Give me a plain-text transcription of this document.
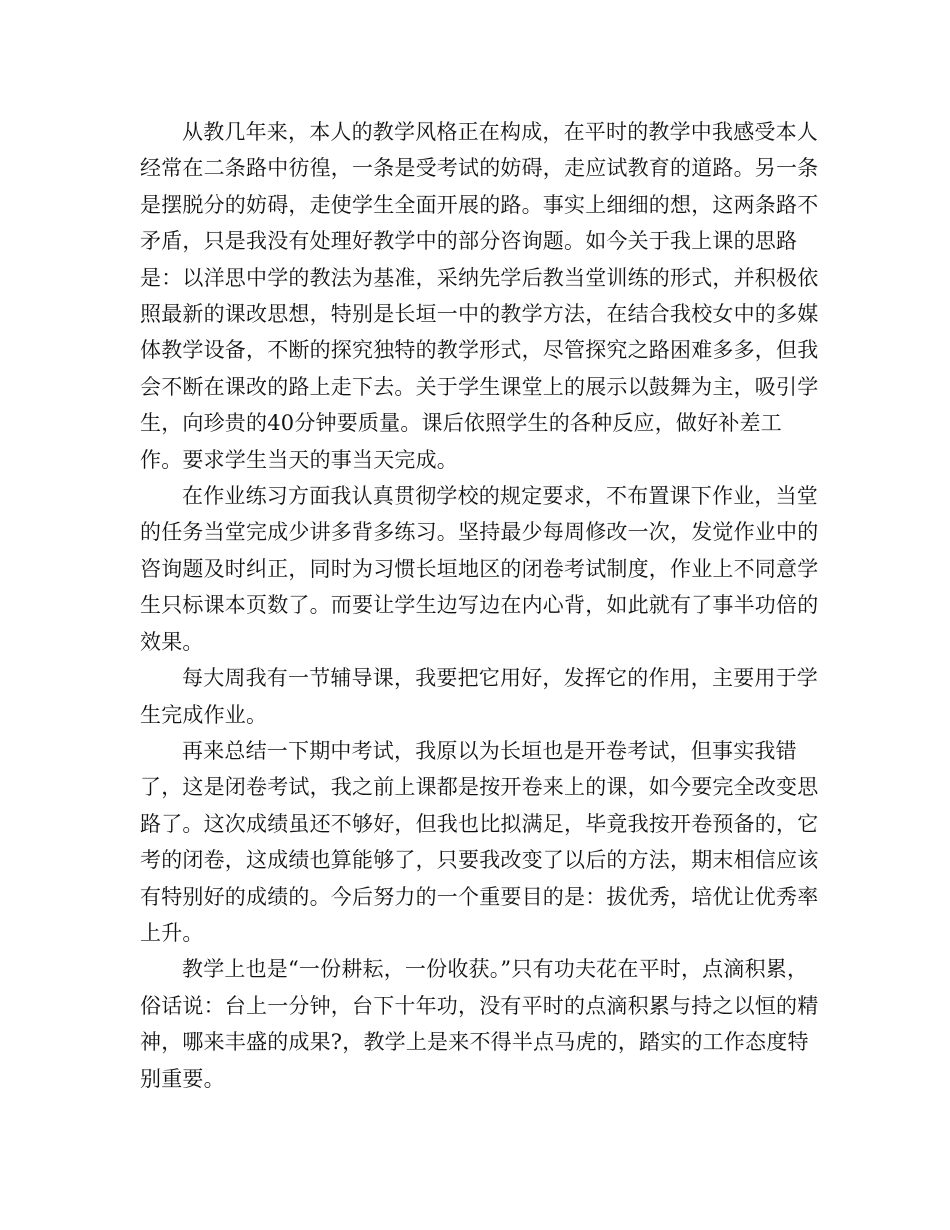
从教几年来，本人的教学风格正在构成，在平时的教学中我感受本人经常在二条路中彷徨，一条是受考试的妨碍，走应试教育的道路。另一条是摆脱分的妨碍，走使学生全面开展的路。事实上细细的想，这两条路不矛盾，只是我没有处理好教学中的部分咨询题。如今关于我上课的思路是：以洋思中学的教法为基准，采纳先学后教当堂训练的形式，并积极依照最新的课改思想，特别是长垣一中的教学方法，在结合我校女中的多媒体教学设备，不断的探究独特的教学形式，尽管探究之路困难多多，但我会不断在课改的路上走下去。关于学生课堂上的展示以鼓舞为主，吸引学生，向珍贵的40分钟要质量。课后依照学生的各种反应，做好补差工作。要求学生当天的事当天完成。

在作业练习方面我认真贯彻学校的规定要求，不布置课下作业，当堂的任务当堂完成少讲多背多练习。坚持最少每周修改一次，发觉作业中的咨询题及时纠正，同时为习惯长垣地区的闭卷考试制度，作业上不同意学生只标课本页数了。而要让学生边写边在内心背，如此就有了事半功倍的效果。

每大周我有一节辅导课，我要把它用好，发挥它的作用，主要用于学生完成作业。

再来总结一下期中考试，我原以为长垣也是开卷考试，但事实我错了，这是闭卷考试，我之前上课都是按开卷来上的课，如今要完全改变思路了。这次成绩虽还不够好，但我也比拟满足，毕竟我按开卷预备的，它考的闭卷，这成绩也算能够了，只要我改变了以后的方法，期末相信应该有特别好的成绩的。今后努力的一个重要目的是：拔优秀，培优让优秀率上升。

教学上也是“一份耕耘，一份收获。”只有功夫花在平时，点滴积累，俗话说：台上一分钟，台下十年功，没有平时的点滴积累与持之以恒的精神，哪来丰盛的成果?，教学上是来不得半点马虎的，踏实的工作态度特别重要。
